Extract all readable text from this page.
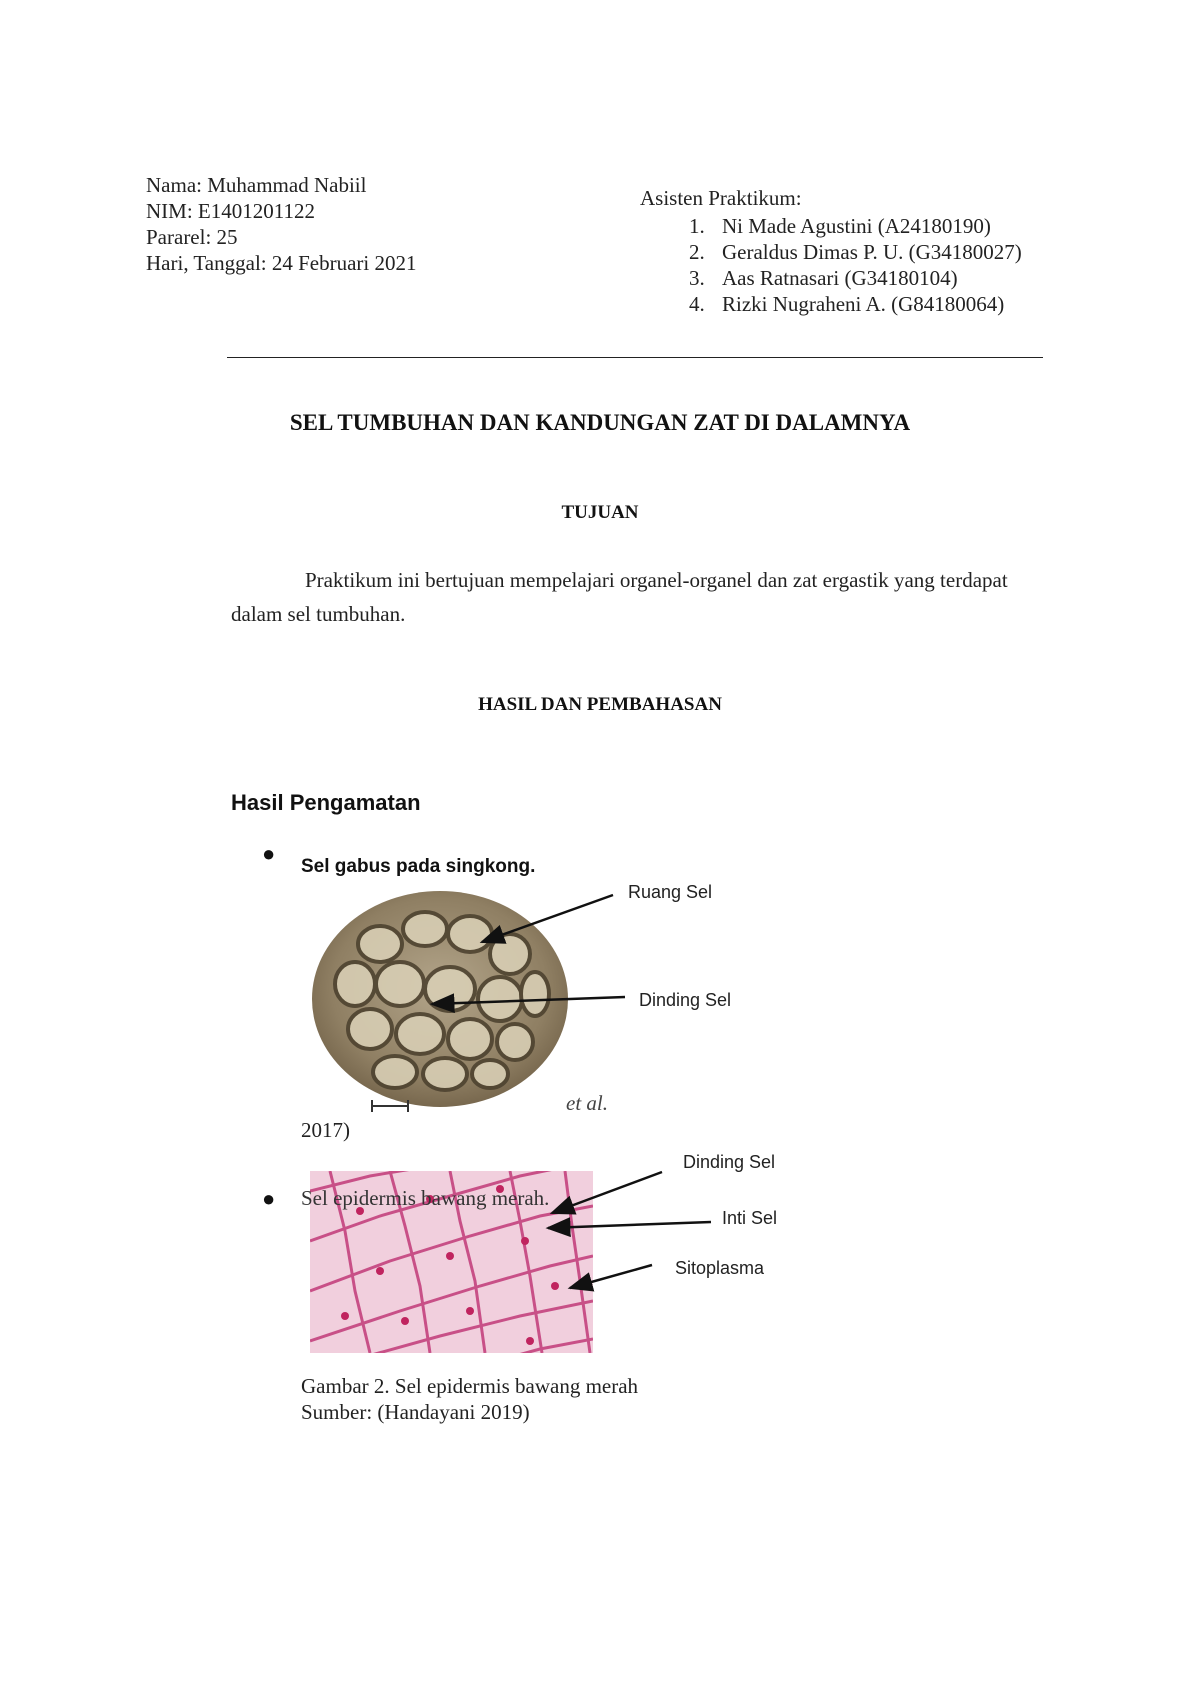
Nama: Muhammad Nabiil
NIM: E1401201122
Pararel: 25
Hari, Tanggal: 24 Februari 2021
Asisten Praktikum:
1. Ni Made Agustini (A24180190)
2. Geraldus Dimas P. U. (G34180027)
3. Aas Ratnasari (G34180104)
4. Rizki Nugraheni A. (G84180064)
SEL TUMBUHAN DAN KANDUNGAN ZAT DI DALAMNYA
TUJUAN
Praktikum ini bertujuan mempelajari organel-organel dan zat ergastik yang terdapat dalam sel tumbuhan.
HASIL DAN PEMBAHASAN
Hasil Pengamatan
●
Sel gabus pada singkong.
et al.
2017)
● Sel epidermis bawang merah.
Gambar 2. Sel epidermis bawang merah
Sumber: (Handayani 2019)
Ruang Sel
Dinding Sel
Dinding Sel
Inti Sel
Sitoplasma
